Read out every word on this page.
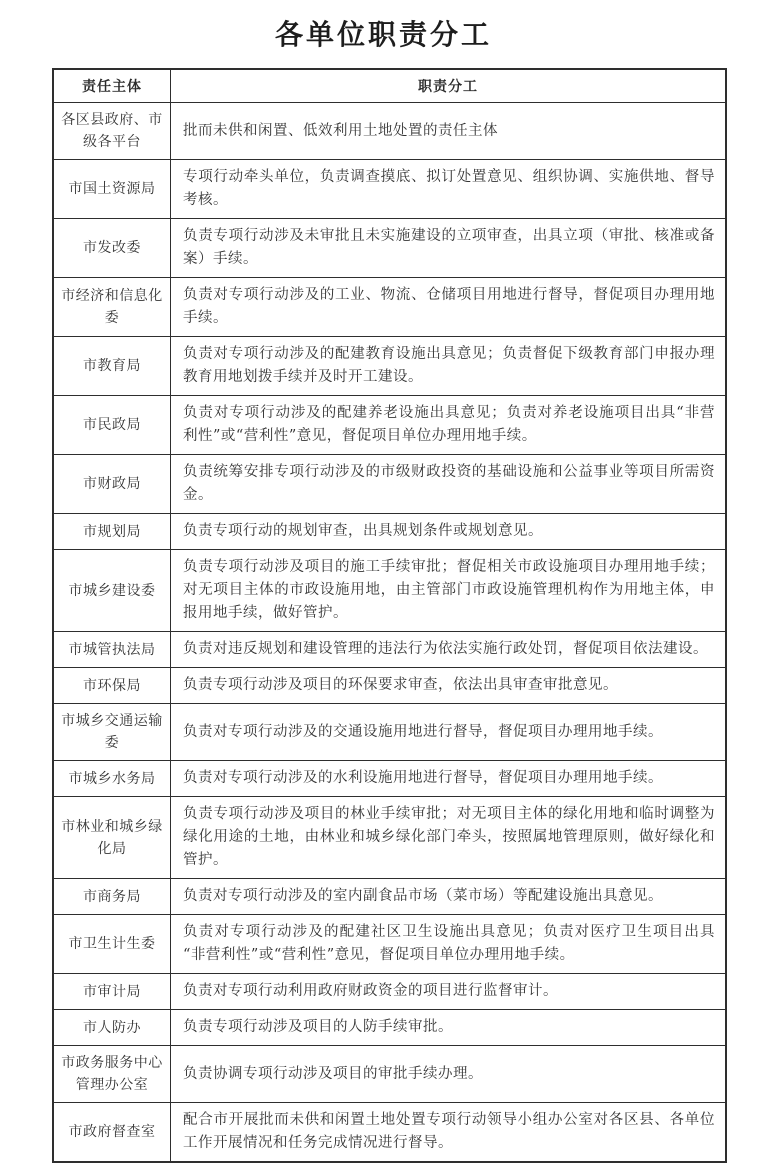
各单位职责分工
责任主体	职责分工
各区县政府、市级各平台	批而未供和闲置、低效利用土地处置的责任主体
市国土资源局	专项行动牵头单位，负责调查摸底、拟订处置意见、组织协调、实施供地、督导考核。
市发改委	负责专项行动涉及未审批且未实施建设的立项审查，出具立项（审批、核准或备案）手续。
市经济和信息化委	负责对专项行动涉及的工业、物流、仓储项目用地进行督导，督促项目办理用地手续。
市教育局	负责对专项行动涉及的配建教育设施出具意见；负责督促下级教育部门申报办理教育用地划拨手续并及时开工建设。
市民政局	负责对专项行动涉及的配建养老设施出具意见；负责对养老设施项目出具“非营利性”或“营利性”意见，督促项目单位办理用地手续。
市财政局	负责统筹安排专项行动涉及的市级财政投资的基础设施和公益事业等项目所需资金。
市规划局	负责专项行动的规划审查，出具规划条件或规划意见。
市城乡建设委	负责专项行动涉及项目的施工手续审批；督促相关市政设施项目办理用地手续；对无项目主体的市政设施用地，由主管部门市政设施管理机构作为用地主体，申报用地手续，做好管护。
市城管执法局	负责对违反规划和建设管理的违法行为依法实施行政处罚，督促项目依法建设。
市环保局	负责专项行动涉及项目的环保要求审查，依法出具审查审批意见。
市城乡交通运输委	负责对专项行动涉及的交通设施用地进行督导，督促项目办理用地手续。
市城乡水务局	负责对专项行动涉及的水利设施用地进行督导，督促项目办理用地手续。
市林业和城乡绿化局	负责专项行动涉及项目的林业手续审批；对无项目主体的绿化用地和临时调整为绿化用途的土地，由林业和城乡绿化部门牵头，按照属地管理原则，做好绿化和管护。
市商务局	负责对专项行动涉及的室内副食品市场（菜市场）等配建设施出具意见。
市卫生计生委	负责对专项行动涉及的配建社区卫生设施出具意见；负责对医疗卫生项目出具“非营利性”或“营利性”意见，督促项目单位办理用地手续。
市审计局	负责对专项行动利用政府财政资金的项目进行监督审计。
市人防办	负责专项行动涉及项目的人防手续审批。
市政务服务中心管理办公室	负责协调专项行动涉及项目的审批手续办理。
市政府督查室	配合市开展批而未供和闲置土地处置专项行动领导小组办公室对各区县、各单位工作开展情况和任务完成情况进行督导。
